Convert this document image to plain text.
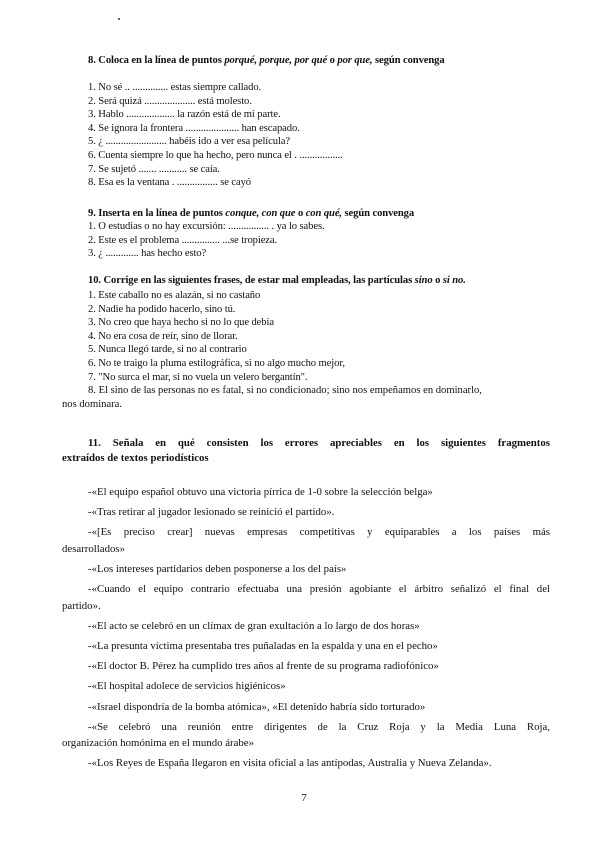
8. Coloca en la línea de puntos porqué, porque, por qué o por que, según convenga
1. No sé .. .............. estas siempre callado.
2. Será quizá .................... está molesto.
3. Hablo ................... la razón está de mi parte.
4. Se ignora la frontera ..................... han escapado.
5. ¿ ........................ habéis ido a ver esa película?
6. Cuenta siempre lo que ha hecho, pero nunca el . .................
7. Se sujetó ....... ........... se caía.
8. Esa es la ventana . ................ se cayó
9. Inserta en la línea de puntos conque, con que o con qué, según convenga
1. O estudias o no hay excursión: ................ . ya lo sabes.
2. Este es el problema ............... ...se tropieza.
3. ¿ ............. has hecho esto?
10. Corrige en las siguientes frases, de estar mal empleadas, las partículas sino o si no.
1. Este caballo no es alazán, si no castaño
2. Nadie ha podido hacerlo, sino tú.
3. No creo que haya hecho si no lo que debía
4. No era cosa de reír, sino de llorar.
5. Nunca llegó tarde, si no al contrario
6. No te traigo la pluma estilográfica, si no algo mucho mejor,
7. "No surca el mar, si no vuela un velero bergantín".
8. El sino de las personas no es fatal, si no condicionado; sino nos empeñamos en dominarlo,
nos dominara.
11. Señala en qué consisten los errores apreciables en los siguientes fragmentos
extraídos de textos periodísticos
-«El equipo español obtuvo una victoria pírrica de 1-0 sobre la selección belga»
-«Tras retirar al jugador lesionado se reinició el partido».
-«[Es preciso crear] nuevas empresas competitivas y equiparables a los países más
desarrollados»
-«Los intereses partidarios deben posponerse a los del país»
-«Cuando el equipo contrario efectuaba una presión agobiante el árbitro señalizó el final del
partido».
-«El acto se celebró en un clímax de gran exultación a lo largo de dos horas»
-«La presunta víctima presentaba tres puñaladas en la espalda y una en el pecho»
-«El doctor B. Pérez ha cumplido tres años al frente de su programa radiofónico»
-«El hospital adolece de servicios higiénicos»
-«Israel dispondría de la bomba atómica», «El detenido habría sido torturado»
-«Se celebró una reunión entre dirigentes de la Cruz Roja y la Media Luna Roja,
organización homónima en el mundo árabe»
-«Los Reyes de España llegaron en visita oficial a las antípodas, Australia y Nueva Zelanda».
7
